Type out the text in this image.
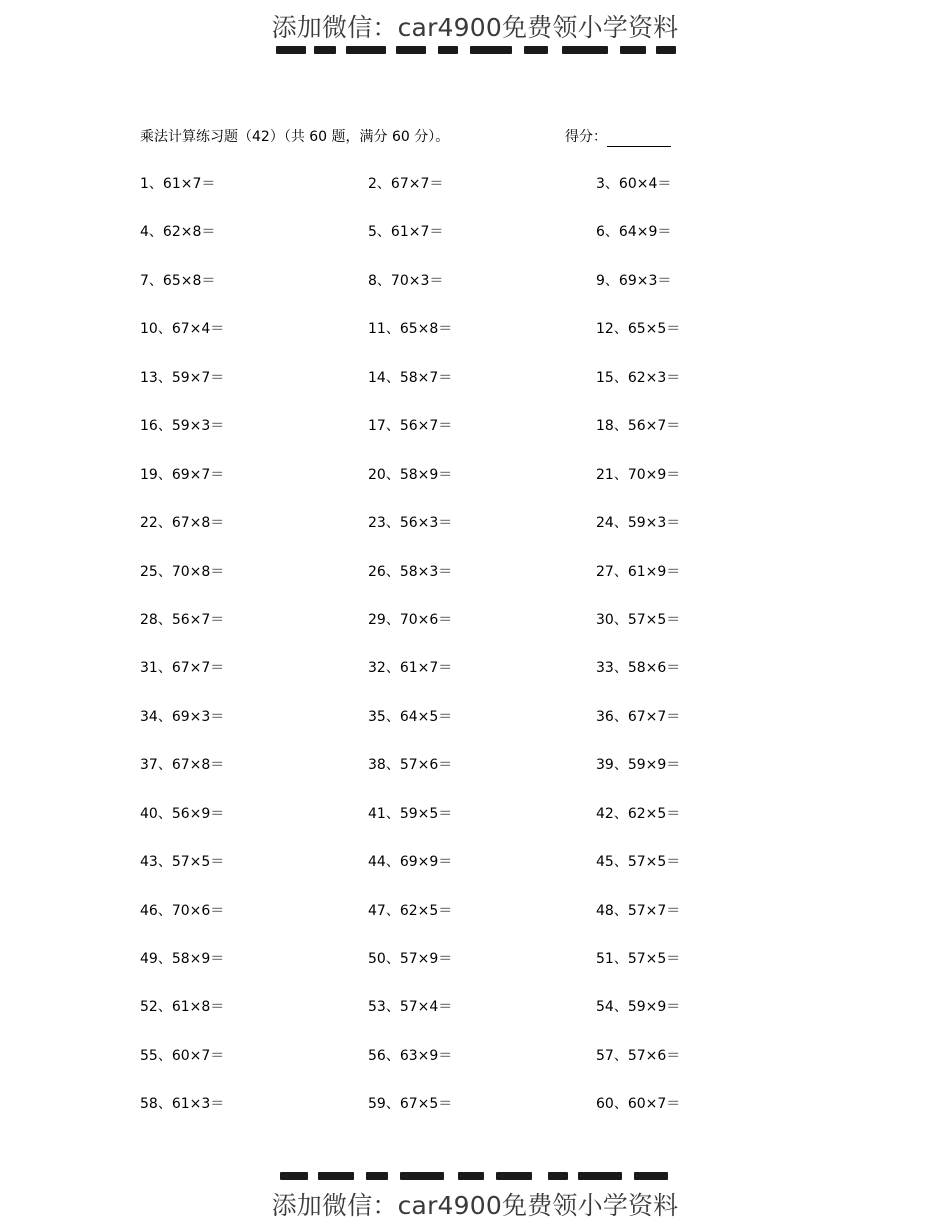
添加微信：car4900免费领小学资料
乘法计算练习题（42）（共 60 题，满分 60 分）。	得分：
1、61×7＝	2、67×7＝	3、60×4＝
4、62×8＝	5、61×7＝	6、64×9＝
7、65×8＝	8、70×3＝	9、69×3＝
10、67×4＝	11、65×8＝	12、65×5＝
13、59×7＝	14、58×7＝	15、62×3＝
16、59×3＝	17、56×7＝	18、56×7＝
19、69×7＝	20、58×9＝	21、70×9＝
22、67×8＝	23、56×3＝	24、59×3＝
25、70×8＝	26、58×3＝	27、61×9＝
28、56×7＝	29、70×6＝	30、57×5＝
31、67×7＝	32、61×7＝	33、58×6＝
34、69×3＝	35、64×5＝	36、67×7＝
37、67×8＝	38、57×6＝	39、59×9＝
40、56×9＝	41、59×5＝	42、62×5＝
43、57×5＝	44、69×9＝	45、57×5＝
46、70×6＝	47、62×5＝	48、57×7＝
49、58×9＝	50、57×9＝	51、57×5＝
52、61×8＝	53、57×4＝	54、59×9＝
55、60×7＝	56、63×9＝	57、57×6＝
58、61×3＝	59、67×5＝	60、60×7＝
添加微信：car4900免费领小学资料
